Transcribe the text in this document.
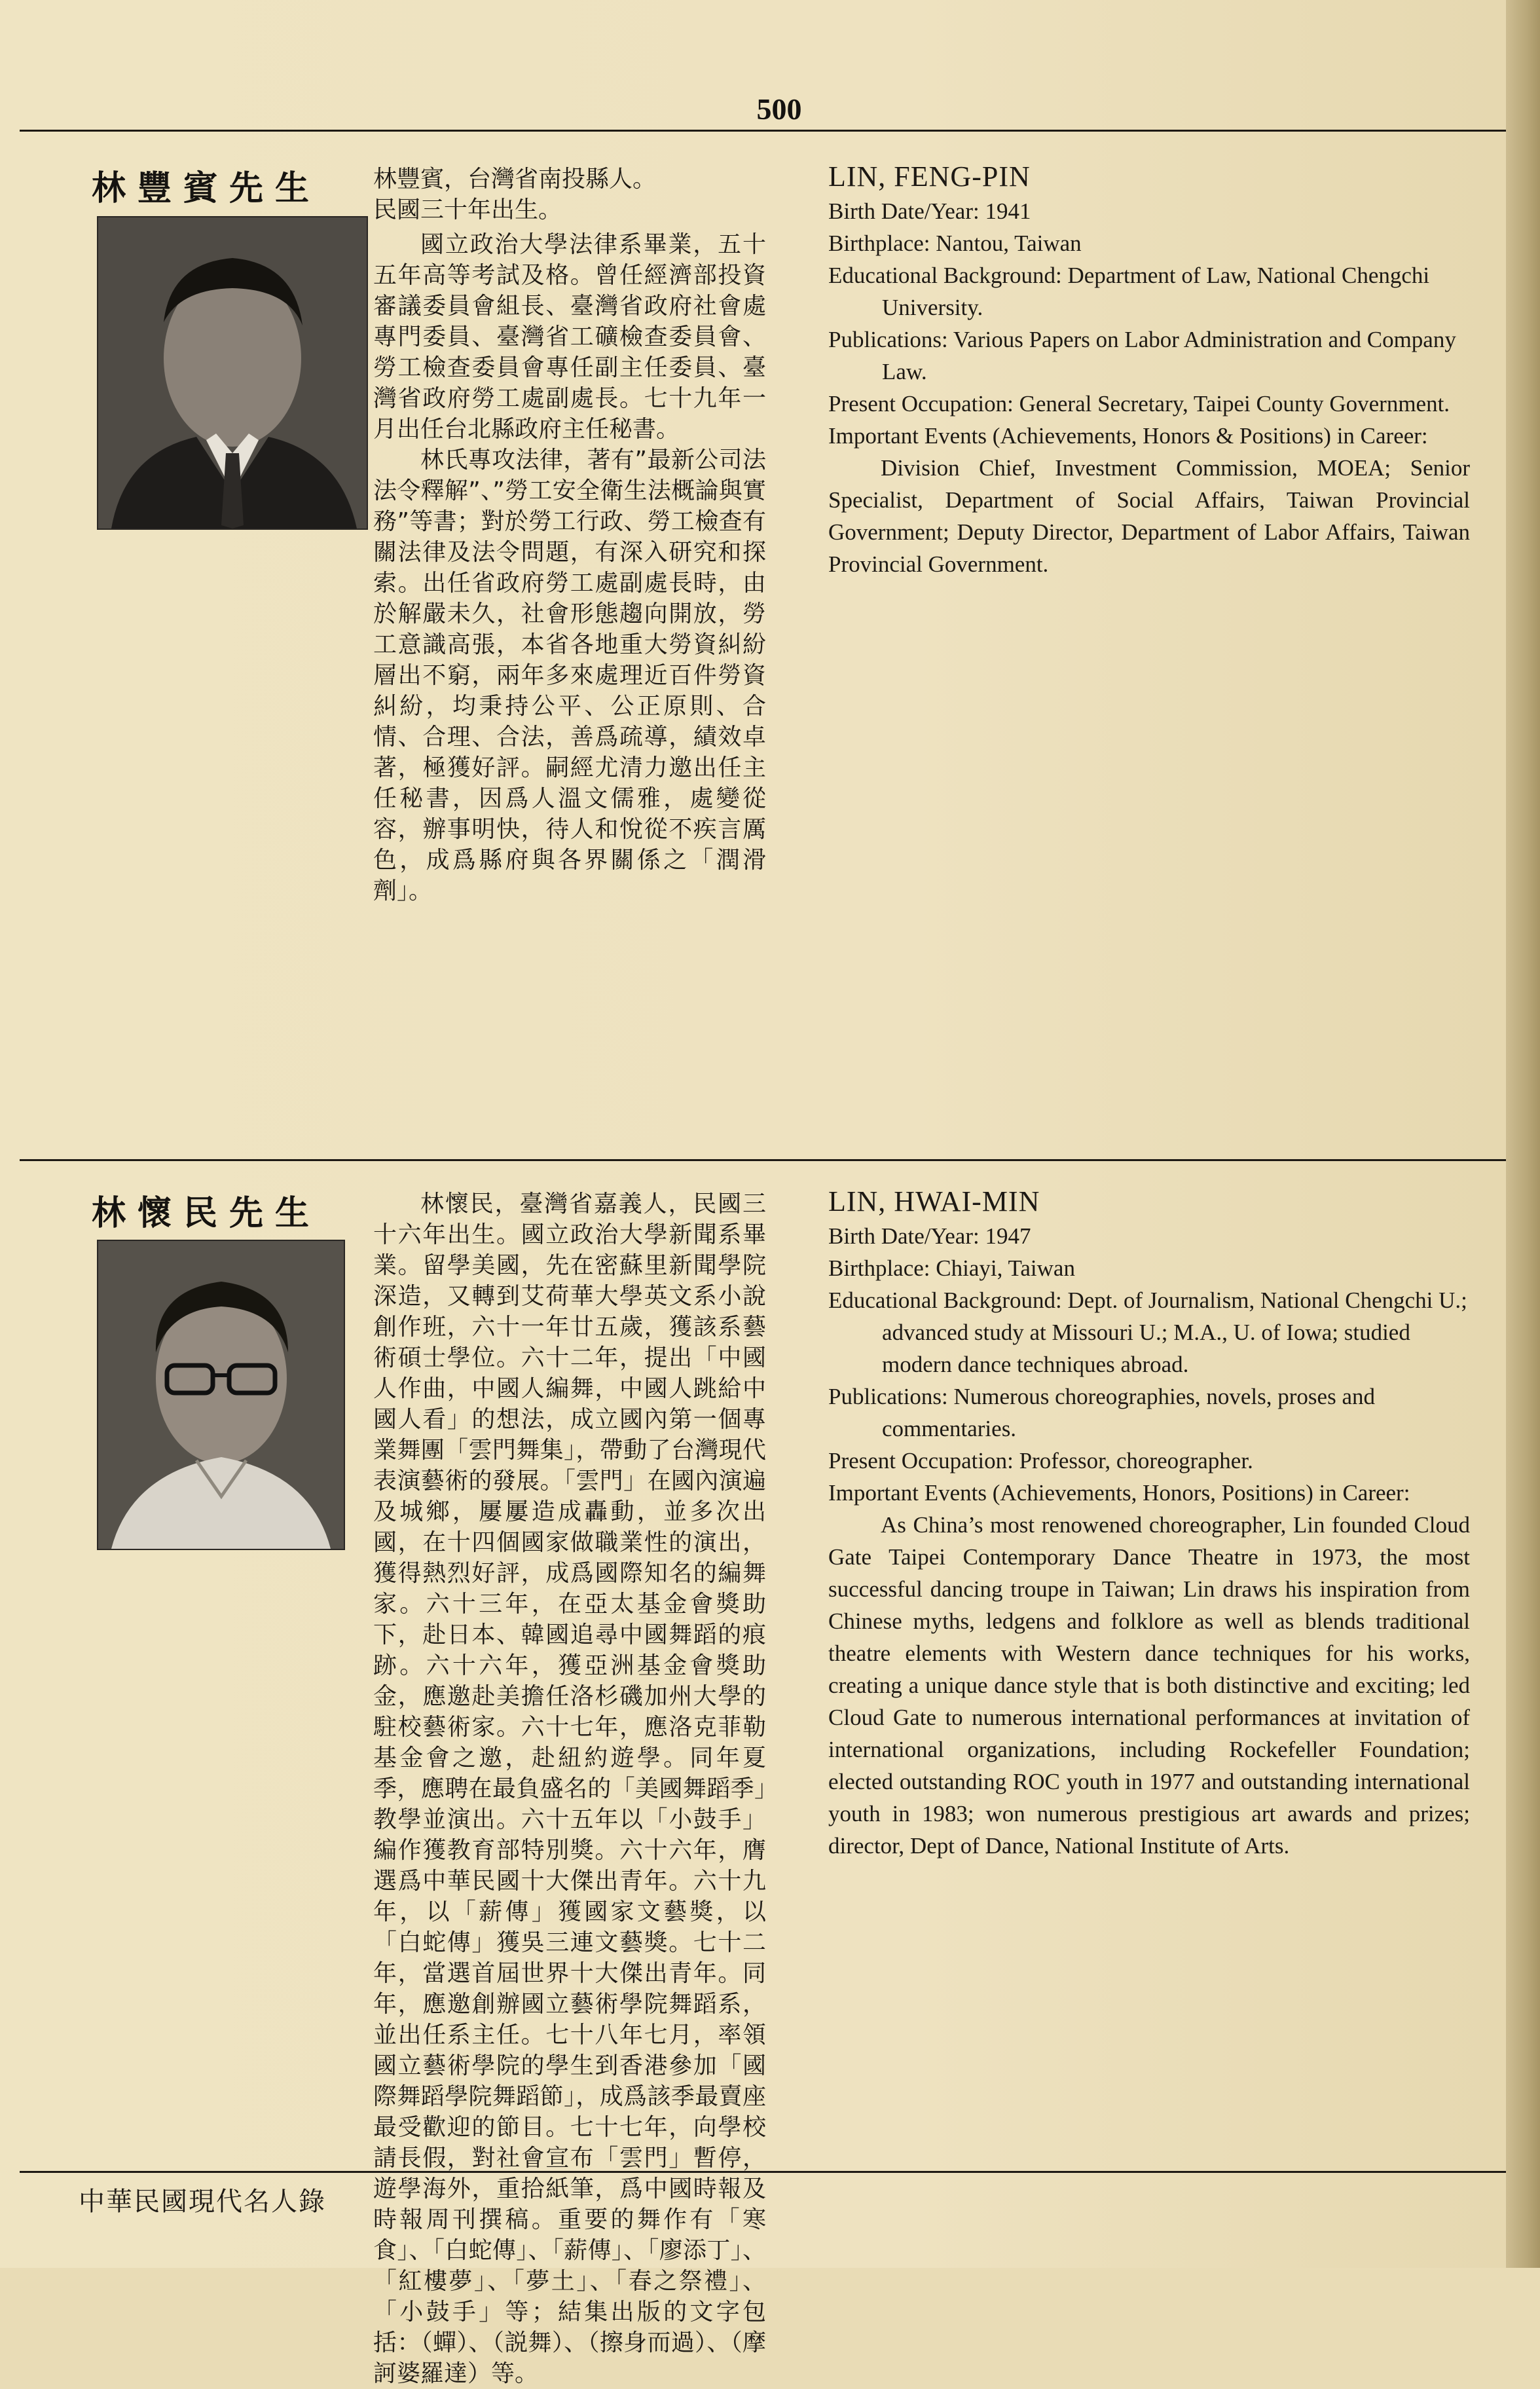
500
林豐賓先生 林豐賓，台灣省南投縣人。

民國三十年出生。

國立政治大學法律系畢業，五十五年高等考試及格。曾任經濟部投資審議委員會組長、臺灣省政府社會處專門委員、臺灣省工礦檢查委員會、勞工檢查委員會專任副主任委員、臺灣省政府勞工處副處長。七十九年一月出任台北縣政府主任秘書。

林氏專攻法律，著有”最新公司法法令釋解”、”勞工安全衛生法概論與實務”等書；對於勞工行政、勞工檢查有關法律及法令問題，有深入研究和探索。出任省政府勞工處副處長時，由於解嚴未久，社會形態趨向開放，勞工意識高張，本省各地重大勞資糾紛層出不窮，兩年多來處理近百件勞資糾紛，均秉持公平、公正原則、合情、合理、合法，善爲疏導，績效卓著，極獲好評。嗣經尤清力邀出任主任秘書，因爲人溫文儒雅，處變從容，辦事明快，待人和悅從不疾言厲色，成爲縣府與各界關係之「潤滑劑」。

LIN, FENG-PIN

Birth Date/Year: 1941

Birthplace: Nantou, Taiwan

Educational Background: Department of Law, National Chengchi University.

Publications: Various Papers on Labor Administration and Company Law.

Present Occupation: General Secretary, Taipei County Government.

Important Events (Achievements, Honors & Positions) in Career:

Division Chief, Investment Commission, MOEA; Senior Specialist, Department of Social Affairs, Taiwan Provincial Government; Deputy Director, Department of Labor Affairs, Taiwan Provincial Government.

林懷民先生	林懷民，臺灣省嘉義人，民國三十六年出生。國立政治大學新聞系畢業。留學美國，先在密蘇里新聞學院深造，又轉到艾荷華大學英文系小說創作班，六十一年廿五歲，獲該系藝術碩士學位。六十二年，提出「中國人作曲，中國人編舞，中國人跳給中國人看」的想法，成立國內第一個專業舞團「雲門舞集」，帶動了台灣現代表演藝術的發展。「雲門」在國內演遍及城鄉，屢屢造成轟動，並多次出國，在十四個國家做職業性的演出，獲得熱烈好評，成爲國際知名的編舞家。六十三年，在亞太基金會獎助下，赴日本、韓國追尋中國舞蹈的痕跡。六十六年，獲亞洲基金會獎助金，應邀赴美擔任洛杉磯加州大學的駐校藝術家。六十七年，應洛克菲勒基金會之邀，赴紐約遊學。同年夏季，應聘在最負盛名的「美國舞蹈季」教學並演出。六十五年以「小鼓手」編作獲教育部特別獎。六十六年，膺選爲中華民國十大傑出青年。六十九年，以「薪傳」獲國家文藝獎，以「白蛇傳」獲吳三連文藝獎。七十二年，當選首屆世界十大傑出青年。同年，應邀創辦國立藝術學院舞蹈系，並出任系主任。七十八年七月，率領國立藝術學院的學生到香港參加「國際舞蹈學院舞蹈節」，成爲該季最賣座最受歡迎的節目。七十七年，向學校請長假，對社會宣布「雲門」暫停，遊學海外，重拾紙筆，爲中國時報及時報周刊撰稿。重要的舞作有「寒食」、「白蛇傳」、「薪傳」、「廖添丁」、「紅樓夢」、「夢土」、「春之祭禮」、「小鼓手」等；結集出版的文字包括：（蟬）、（説舞）、（擦身而過）、（摩訶婆羅達）等。

LIN, HWAI-MIN

Birth Date/Year: 1947

Birthplace: Chiayi, Taiwan

Educational Background: Dept. of Journalism, National Chengchi U.; advanced study at Missouri U.; M.A., U. of Iowa; studied modern dance techniques abroad.

Publications: Numerous choreographies, novels, proses and commentaries.

Present Occupation: Professor, choreographer.

Important Events (Achievements, Honors, Positions) in Career:

As China’s most renowened choreographer, Lin founded Cloud Gate Taipei Contemporary Dance Theatre in 1973, the most successful dancing troupe in Taiwan; Lin draws his inspiration from Chinese myths, ledgens and folklore as well as blends traditional theatre elements with Western dance techniques for his works, creating a unique dance style that is both distinctive and exciting; led Cloud Gate to numerous international performances at invitation of international organizations, including Rockefeller Foundation; elected outstanding ROC youth in 1977 and outstanding international youth in 1983; won numerous prestigious art awards and prizes; director, Dept of Dance, National Institute of Arts.

中華民國現代名人錄
